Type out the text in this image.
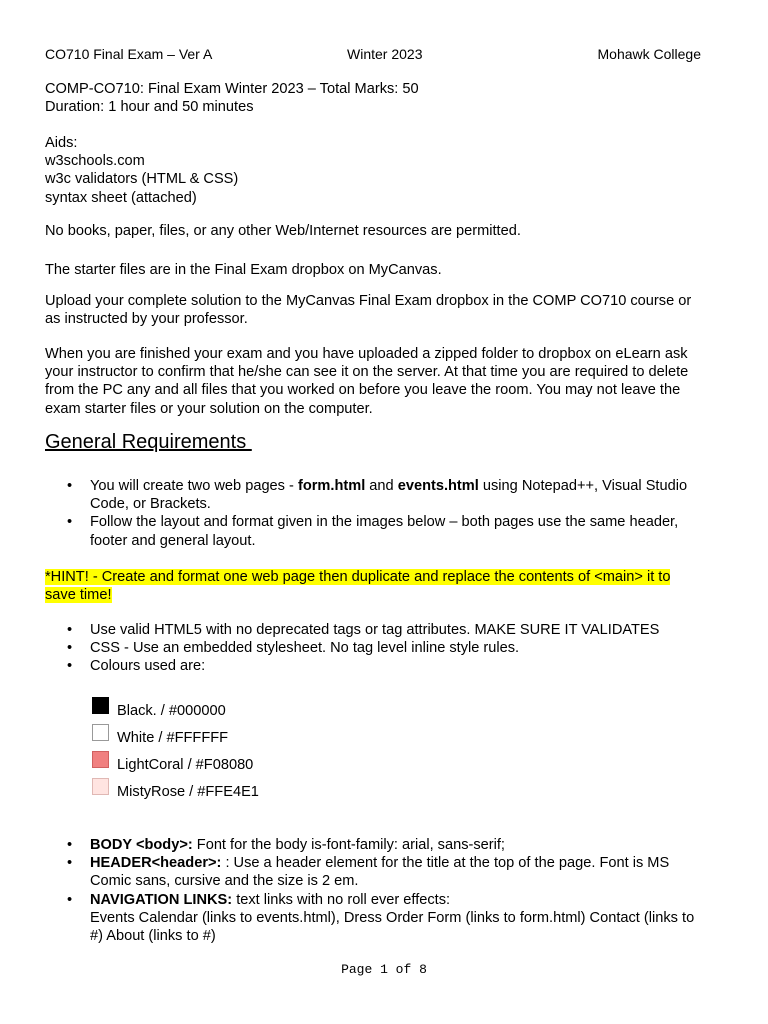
CO710 Final Exam – Ver A	Winter 2023	Mohawk College
COMP-CO710: Final Exam Winter 2023 – Total Marks: 50
Duration: 1 hour and 50 minutes
Aids:
w3schools.com
w3c validators (HTML & CSS)
syntax sheet (attached)
No books, paper, files, or any other Web/Internet resources are permitted.
The starter files are in the Final Exam dropbox on MyCanvas.
Upload your complete solution to the MyCanvas Final Exam dropbox in the COMP CO710 course or
as instructed by your professor.
When you are finished your exam and you have uploaded a zipped folder to dropbox on eLearn ask
your instructor to confirm that he/she can see it on the server. At that time you are required to delete
from the PC any and all files that you worked on before you leave the room. You may not leave the
exam starter files or your solution on the computer.
General Requirements
• You will create two web pages - form.html and events.html using Notepad++, Visual Studio
Code, or Brackets.
• Follow the layout and format given in the images below – both pages use the same header,
footer and general layout.
*HINT! - Create and format one web page then duplicate and replace the contents of <main> it to
save time!
• Use valid HTML5 with no deprecated tags or tag attributes. MAKE SURE IT VALIDATES
• CSS - Use an embedded stylesheet. No tag level inline style rules.
• Colours used are:
Black. / #000000
White / #FFFFFF
LightCoral / #F08080
MistyRose / #FFE4E1
• BODY <body>: Font for the body is-font-family: arial, sans-serif;
• HEADER<header>: : Use a header element for the title at the top of the page. Font is MS
Comic sans, cursive and the size is 2 em.
• NAVIGATION LINKS: text links with no roll ever effects:
Events Calendar (links to events.html), Dress Order Form (links to form.html) Contact (links to
#) About (links to #)
Page 1 of 8
